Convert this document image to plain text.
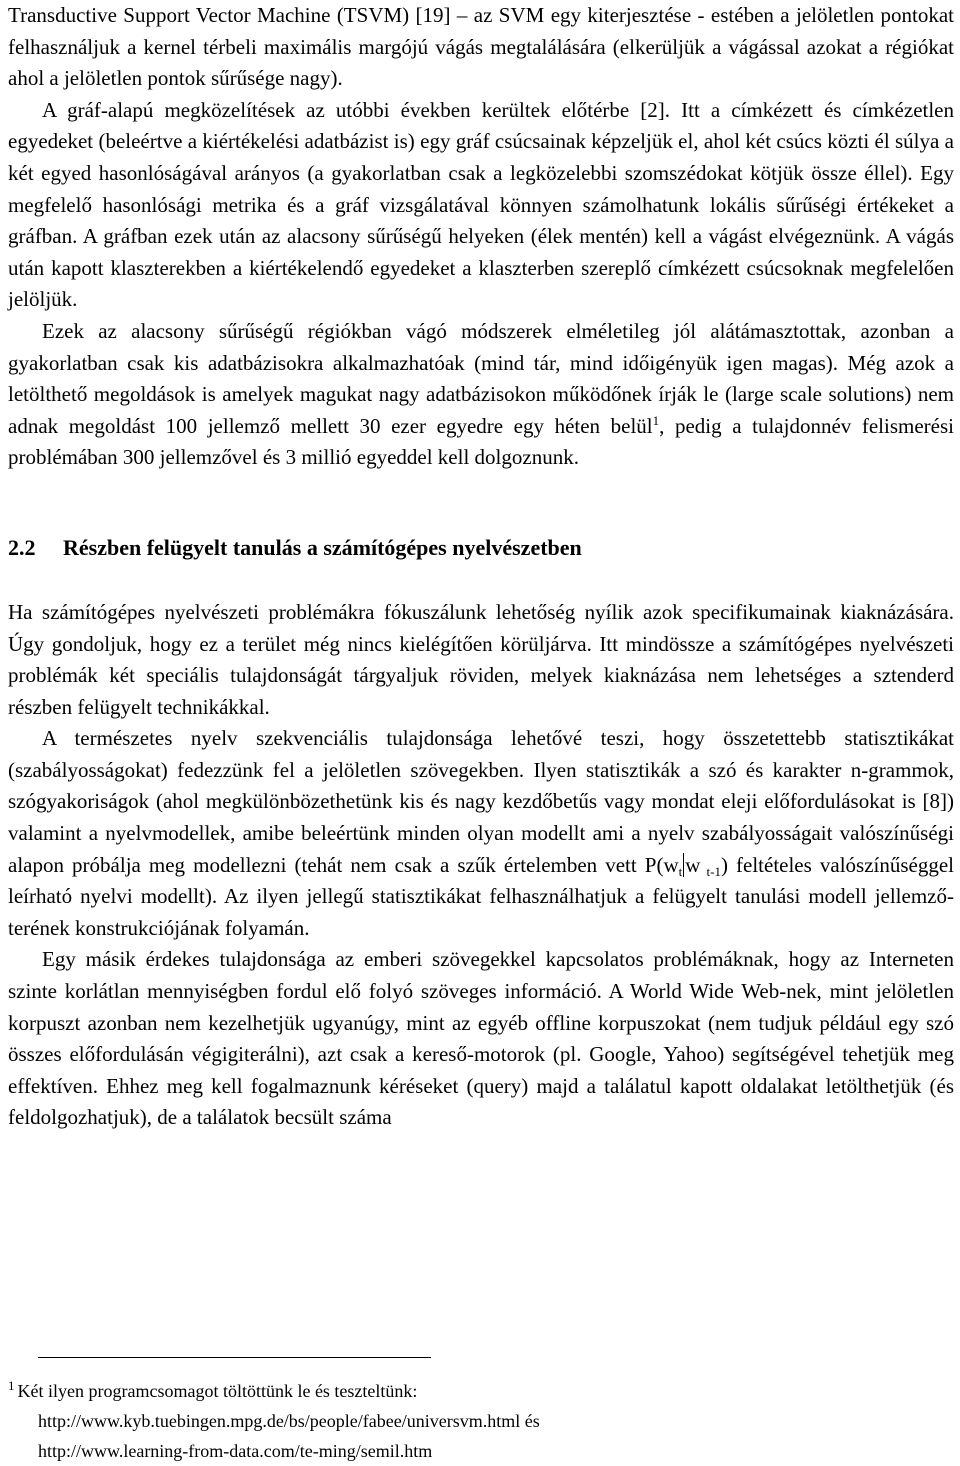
Transductive Support Vector Machine (TSVM) [19] – az SVM egy kiterjesztése - estében a jelöletlen pontokat felhasználjuk a kernel térbeli maximális margójú vágás megtalálására (elkerüljük a vágással azokat a régiókat ahol a jelöletlen pontok sűrűsége nagy).

A gráf-alapú megközelítések az utóbbi években kerültek előtérbe [2]. Itt a címkézett és címkézetlen egyedeket (beleértve a kiértékelési adatbázist is) egy gráf csúcsainak képzeljük el, ahol két csúcs közti él súlya a két egyed hasonlóságával arányos (a gyakorlatban csak a legközelebbi szomszédokat kötjük össze éllel). Egy megfelelő hasonlósági metrika és a gráf vizsgálatával könnyen számolhatunk lokális sűrűségi értékeket a gráfban. A gráfban ezek után az alacsony sűrűségű helyeken (élek mentén) kell a vágást elvégeznünk. A vágás után kapott klaszterekben a kiértékelendő egyedeket a klaszterben szereplő címkézett csúcsoknak megfelelően jelöljük.

Ezek az alacsony sűrűségű régiókban vágó módszerek elméletileg jól alátámasztottak, azonban a gyakorlatban csak kis adatbázisokra alkalmazhatóak (mind tár, mind időigényük igen magas). Még azok a letölthető megoldások is amelyek magukat nagy adatbázisokon működőnek írják le (large scale solutions) nem adnak megoldást 100 jellemző mellett 30 ezer egyedre egy héten belül$^1$, pedig a tulajdonnév felismerési problémában 300 jellemzővel és 3 millió egyeddel kell dolgoznunk.

2.2	Részben felügyelt tanulás a számítógépes nyelvészetben

Ha számítógépes nyelvészeti problémákra fókuszálunk lehetőség nyílik azok specifikumainak kiaknázására. Úgy gondoljuk, hogy ez a terület még nincs kielégítően körüljárva. Itt mindössze a számítógépes nyelvészeti problémák két speciális tulajdonságát tárgyaljuk röviden, melyek kiaknázása nem lehetséges a sztenderd részben felügyelt technikákkal.

A természetes nyelv szekvenciális tulajdonsága lehetővé teszi, hogy összetettebb statisztikákat (szabályosságokat) fedezzünk fel a jelöletlen szövegekben. Ilyen statisztikák a szó és karakter n-grammok, szógyakoriságok (ahol megkülönbözethetünk kis és nagy kezdőbetűs vagy mondat eleji előfordulásokat is [8]) valamint a nyelvmodellek, amibe beleértünk minden olyan modellt ami a nyelv szabályosságait valószínűségi alapon próbálja meg modellezni (tehát nem csak a szűk értelemben vett $P(w_t$ w $_{t-1}$) feltételes valószínűséggel leírható nyelvi modellt). Az ilyen jellegű statisztikákat felhasználhatjuk a felügyelt tanulási modell jellemző-terének konstrukciójának folyamán.

Egy másik érdekes tulajdonsága az emberi szövegekkel kapcsolatos problémáknak, hogy az Interneten szinte korlátlan mennyiségben fordul elő folyó szöveges információ. A World Wide Web-nek, mint jelöletlen korpuszt azonban nem kezelhetjük ugyanúgy, mint az egyéb offline korpuszokat (nem tudjuk például egy szó összes előfordulásán végigiterálni), azt csak a kereső-motorok (pl. Google, Yahoo) segítségével tehetjük meg effektíven. Ehhez meg kell fogalmaznunk kéréseket (query) majd a találatul kapott oldalakat letölthetjük (és feldolgozhatjuk), de a találatok becsült száma

$^1$ Két ilyen programcsomagot töltöttünk le és teszteltünk:
http://www.kyb.tuebingen.mpg.de/bs/people/fabee/universvm.html és
http://www.learning-from-data.com/te-ming/semil.htm
